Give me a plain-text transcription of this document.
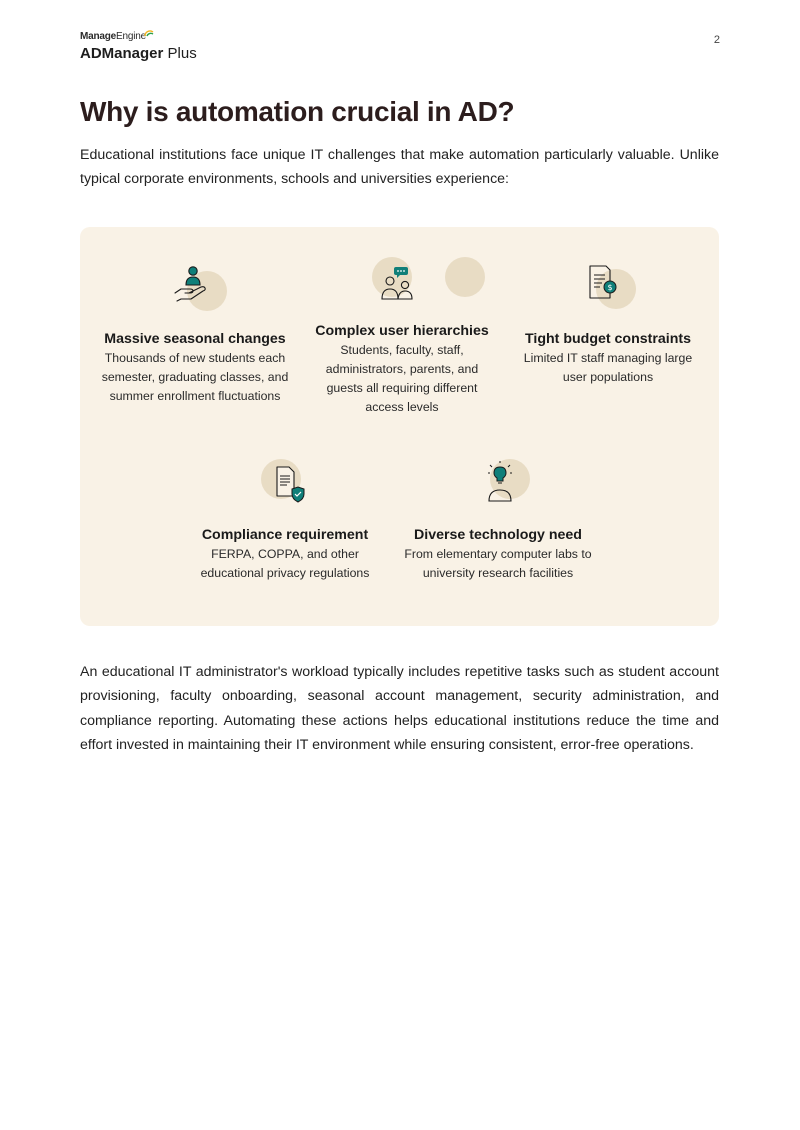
ManageEngine
ADManager Plus
2
Why is automation crucial in AD?

Educational institutions face unique IT challenges that make automation particularly valuable. Unlike typical corporate environments, schools and universities experience:

Massive seasonal changes

Thousands of new students each semester, graduating classes, and summer enrollment fluctuations

Complex user hierarchies

Students, faculty, staff, administrators, parents, and guests all requiring different access levels

$
Tight budget constraints

Limited IT staff managing large user populations

Compliance requirement

FERPA, COPPA, and other educational privacy regulations

Diverse technology need

From elementary computer labs to university research facilities

An educational IT administrator's workload typically includes repetitive tasks such as student account provisioning, faculty onboarding, seasonal account management, security administration, and compliance reporting. Automating these actions helps educational institutions reduce the time and effort invested in maintaining their IT environment while ensuring consistent, error-free operations.
